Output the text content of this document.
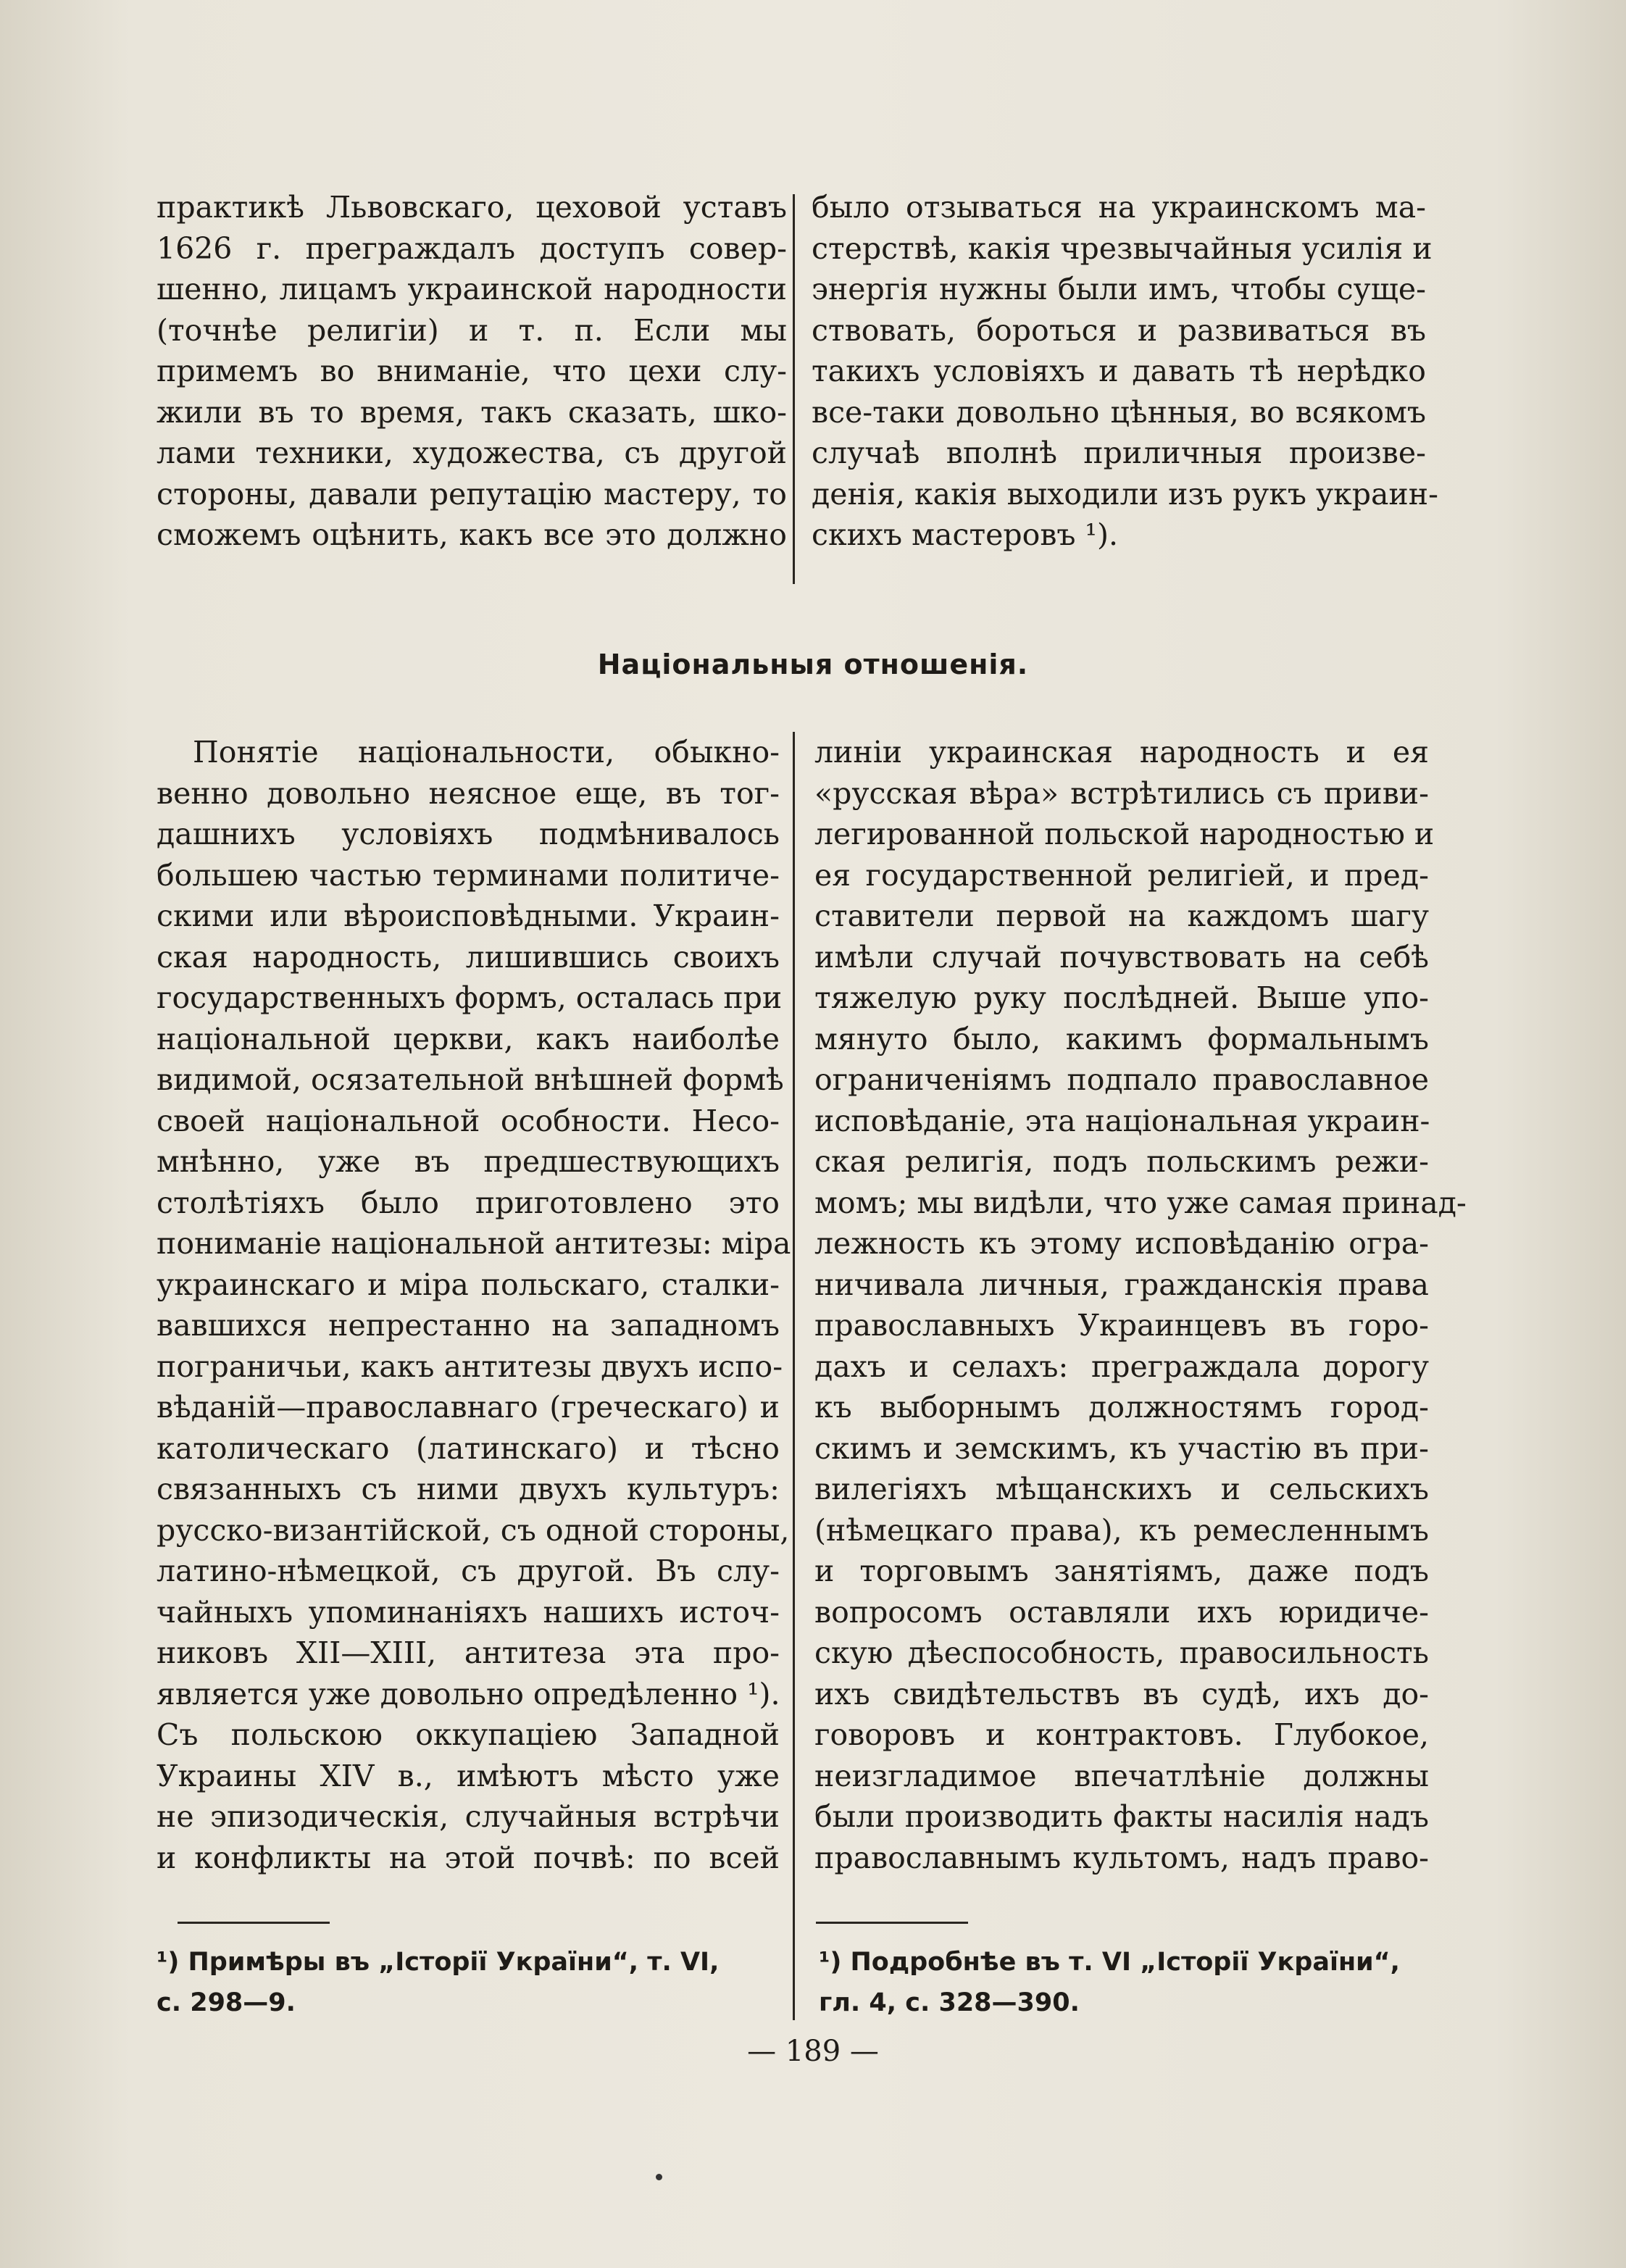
практикѣ Львовскаго, цеховой уставъ
1626 г. преграждалъ доступъ совер-
шенно, лицамъ украинской народности
(точнѣе религіи) и т. п. Если мы
примемъ во вниманіе, что цехи слу-
жили въ то время, такъ сказать, шко-
лами техники, художества, съ другой
стороны, давали репутацію мастеру, то
сможемъ оцѣнить, какъ все это должно
было отзываться на украинскомъ ма-
стерствѣ, какія чрезвычайныя усилія и
энергія нужны были имъ, чтобы суще-
ствовать, бороться и развиваться въ
такихъ условіяхъ и давать тѣ нерѣдко
все-таки довольно цѣнныя, во всякомъ
случаѣ вполнѣ приличныя произве-
денія, какія выходили изъ рукъ украин-
скихъ мастеровъ ¹).
Національныя отношенія.
Понятіе національности, обыкно-
венно довольно неясное еще, въ тог-
дашнихъ условіяхъ подмѣнивалось
большею частью терминами политиче-
скими или вѣроисповѣдными. Украин-
ская народность, лишившись своихъ
государственныхъ формъ, осталась при
національной церкви, какъ наиболѣе
видимой, осязательной внѣшней формѣ
своей національной особности. Несо-
мнѣнно, уже въ предшествующихъ
столѣтіяхъ было приготовлено это
пониманіе національной антитезы: міра
украинскаго и міра польскаго, сталки-
вавшихся непрестанно на западномъ
пограничьи, какъ антитезы двухъ испо-
вѣданій—православнаго (греческаго) и
католическаго (латинскаго) и тѣсно
связанныхъ съ ними двухъ культуръ:
русско-византійской, съ одной стороны,
латино-нѣмецкой, съ другой. Въ слу-
чайныхъ упоминаніяхъ нашихъ источ-
никовъ XII—XIII, антитеза эта про-
является уже довольно опредѣленно ¹).
Съ польскою оккупаціею Западной
Украины XIV в., имѣютъ мѣсто уже
не эпизодическія, случайныя встрѣчи
и конфликты на этой почвѣ: по всей
линіи украинская народность и ея
«русская вѣра» встрѣтились съ приви-
легированной польской народностью и
ея государственной религіей, и пред-
ставители первой на каждомъ шагу
имѣли случай почувствовать на себѣ
тяжелую руку послѣдней. Выше упо-
мянуто было, какимъ формальнымъ
ограниченіямъ подпало православное
исповѣданіе, эта національная украин-
ская религія, подъ польскимъ режи-
момъ; мы видѣли, что уже самая принад-
лежность къ этому исповѣданію огра-
ничивала личныя, гражданскія права
православныхъ Украинцевъ въ горо-
дахъ и селахъ: преграждала дорогу
къ выборнымъ должностямъ город-
скимъ и земскимъ, къ участію въ при-
вилегіяхъ мѣщанскихъ и сельскихъ
(нѣмецкаго права), къ ремесленнымъ
и торговымъ занятіямъ, даже подъ
вопросомъ оставляли ихъ юридиче-
скую дѣеспособность, правосильность
ихъ свидѣтельствъ въ судѣ, ихъ до-
говоровъ и контрактовъ. Глубокое,
неизгладимое впечатлѣніе должны
были производить факты насилія надъ
православнымъ культомъ, надъ право-
¹) Примѣры въ „Історії України“, т. VI,
с. 298—9.
¹) Подробнѣе въ т. VI „Історії України“,
гл. 4, с. 328—390.
— 189 —
